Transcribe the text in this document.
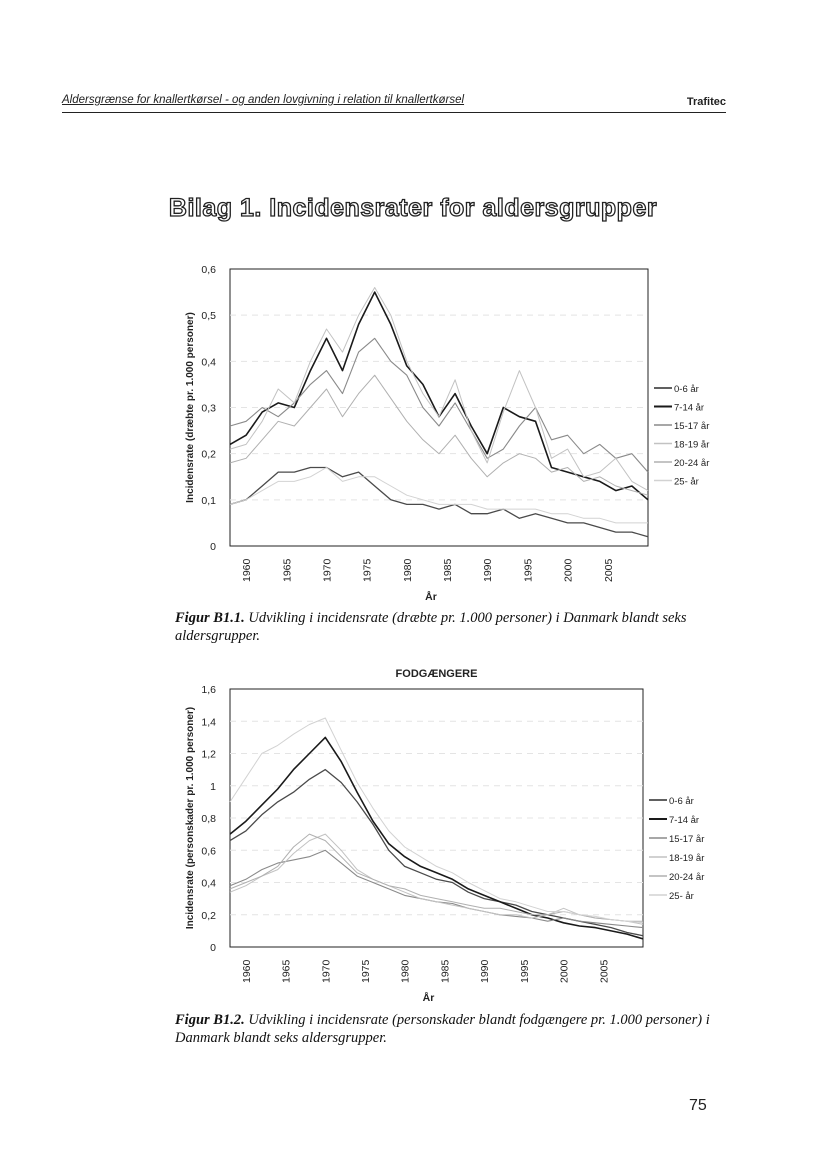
Aldersgrænse for knallertkørsel - og anden lovgivning i relation til knallertkørsel	Trafitec
Bilag 1. Incidensrater for aldersgrupper
0
0,1
0,2
0,3
0,4
0,5
0,6
1960	1965	1970	1975	1980	1985	1990	1995	2000	2005
År
Incidensrate (dræbte pr. 1.000 personer)	0-6 år
7-14 år
15-17 år
18-19 år
20-24 år
25- år
Figur B1.1. Udvikling i incidensrate (dræbte pr. 1.000 personer) i Danmark blandt seks aldersgrupper.
FODGÆNGERE
0
0,2
0,4
0,6
0,8
1
1,2
1,4
1,6
1960	1965	1970	1975	1980	1985	1990	1995	2000	2005
År
Incidensrate (personskader pr. 1.000 personer)	0-6 år
7-14 år
15-17 år
18-19 år
20-24 år
25- år
Figur B1.2. Udvikling i incidensrate (personskader blandt fodgængere pr. 1.000 personer) i Danmark blandt seks aldersgrupper.
75
